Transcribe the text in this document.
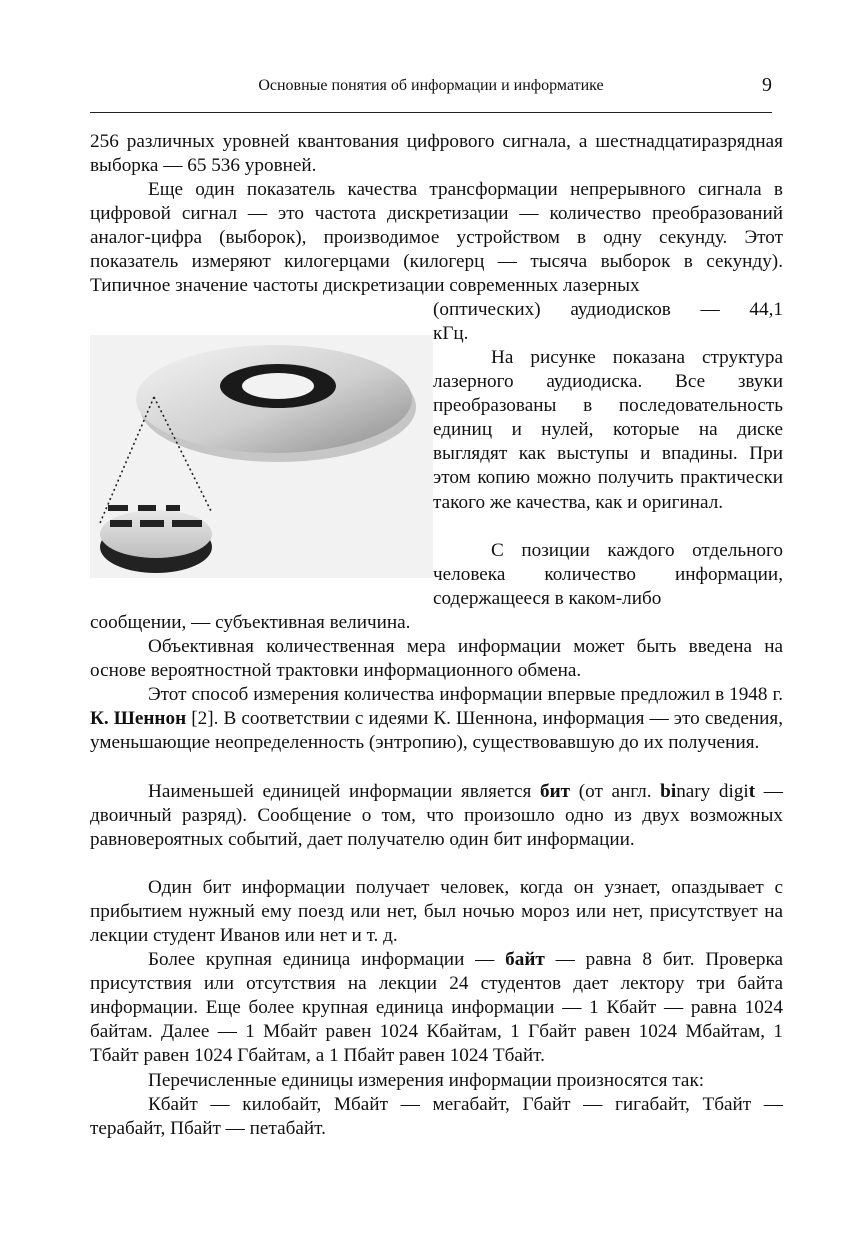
Основные понятия об информации и информатике	9

256 различных уровней квантования цифрового сигнала, а шестнадцатиразрядная выборка — 65 536 уровней.

Еще один показатель качества трансформации непрерывного сигнала в цифровой сигнал — это частота дискретизации — количество преобразований аналог-цифра (выборок), производимое устройством в одну секунду. Этот показатель измеряют килогерцами (килогерц — тысяча выборок в секунду). Типичное значение частоты дискретизации современных лазерных

(оптических) аудиодисков — 44,1
кГц.

На рисунке показана структура лазерного аудиодиска. Все звуки преобразованы в последовательность единиц и нулей, которые на диске выглядят как выступы и впадины. При этом копию можно получить практически такого же качества, как и оригинал.

С позиции каждого отдельного человека количество информации, содержащееся в каком-либо

сообщении, — субъективная величина.

Объективная количественная мера информации может быть введена на основе вероятностной трактовки информационного обмена.

Этот способ измерения количества информации впервые предложил в 1948 г. К. Шеннон [2]. В соответствии с идеями К. Шеннона, информация — это сведения, уменьшающие неопределенность (энтропию), существовавшую до их получения.

Наименьшей единицей информации является бит (от англ. binary digit — двоичный разряд). Сообщение о том, что произошло одно из двух возможных равновероятных событий, дает получателю один бит информации.

Один бит информации получает человек, когда он узнает, опаздывает с прибытием нужный ему поезд или нет, был ночью мороз или нет, присутствует на лекции студент Иванов или нет и т. д.

Более крупная единица информации — байт — равна 8 бит. Проверка присутствия или отсутствия на лекции 24 студентов дает лектору три байта информации. Еще более крупная единица информации — 1 Кбайт — равна 1024 байтам. Далее — 1 Мбайт равен 1024 Кбайтам, 1 Гбайт равен 1024 Мбайтам, 1 Тбайт равен 1024 Гбайтам, а 1 Пбайт равен 1024 Тбайт.

Перечисленные единицы измерения информации произносятся так:

Кбайт — килобайт, Мбайт — мегабайт, Гбайт — гигабайт, Тбайт — терабайт, Пбайт — петабайт.
